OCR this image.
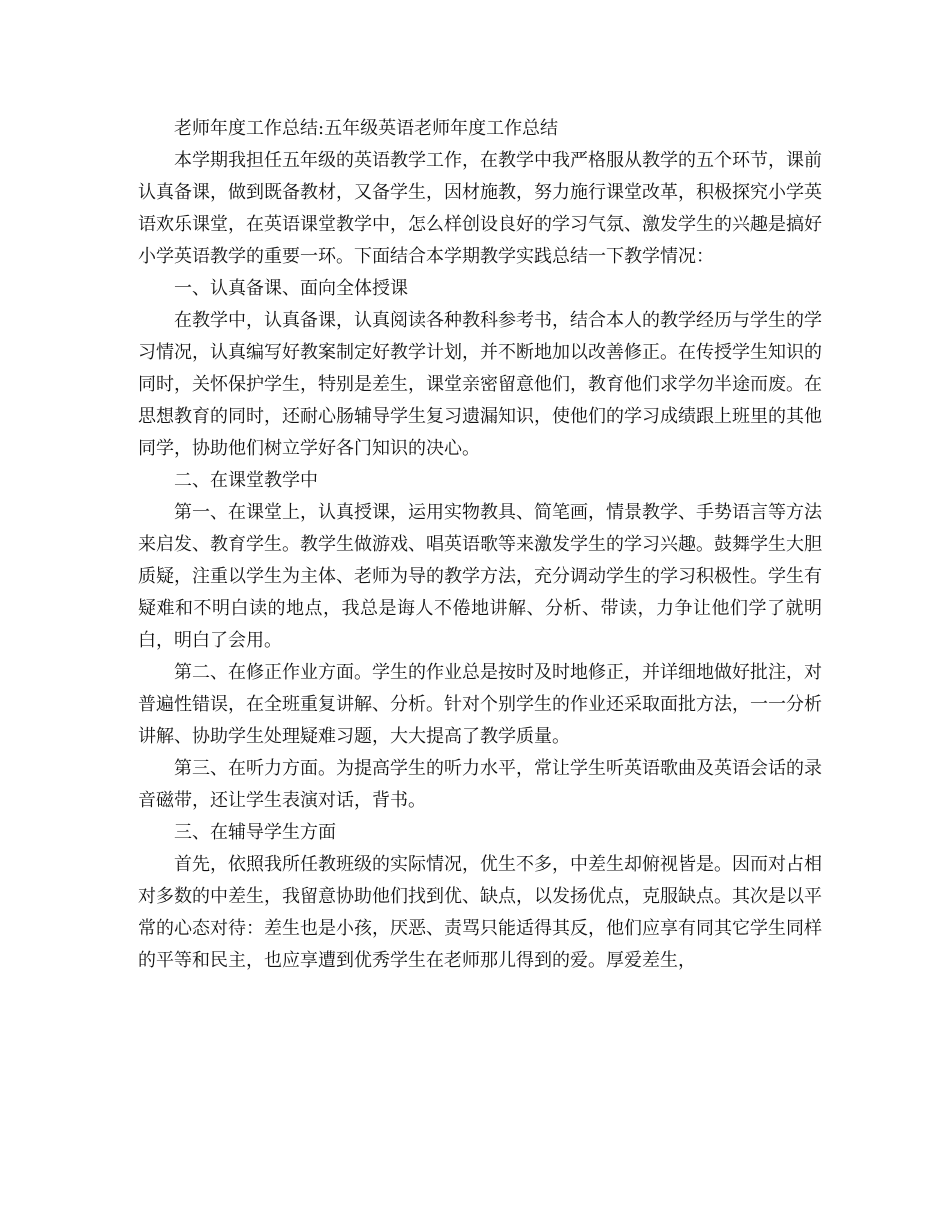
老师年度工作总结:五年级英语老师年度工作总结

本学期我担任五年级的英语教学工作，在教学中我严格服从教学的五个环节，课前认真备课，做到既备教材，又备学生，因材施教，努力施行课堂改革，积极探究小学英语欢乐课堂，在英语课堂教学中，怎么样创设良好的学习气氛、激发学生的兴趣是搞好小学英语教学的重要一环。下面结合本学期教学实践总结一下教学情况：

一、认真备课、面向全体授课

在教学中，认真备课，认真阅读各种教科参考书，结合本人的教学经历与学生的学习情况，认真编写好教案制定好教学计划，并不断地加以改善修正。在传授学生知识的同时，关怀保护学生，特别是差生，课堂亲密留意他们，教育他们求学勿半途而废。在思想教育的同时，还耐心肠辅导学生复习遗漏知识，使他们的学习成绩跟上班里的其他同学，协助他们树立学好各门知识的决心。

二、在课堂教学中

第一、在课堂上，认真授课，运用实物教具、简笔画，情景教学、手势语言等方法来启发、教育学生。教学生做游戏、唱英语歌等来激发学生的学习兴趣。鼓舞学生大胆质疑，注重以学生为主体、老师为导的教学方法，充分调动学生的学习积极性。学生有疑难和不明白读的地点，我总是诲人不倦地讲解、分析、带读，力争让他们学了就明白，明白了会用。

第二、在修正作业方面。学生的作业总是按时及时地修正，并详细地做好批注，对普遍性错误，在全班重复讲解、分析。针对个别学生的作业还采取面批方法，一一分析讲解、协助学生处理疑难习题，大大提高了教学质量。

第三、在听力方面。为提高学生的听力水平，常让学生听英语歌曲及英语会话的录音磁带，还让学生表演对话，背书。

三、在辅导学生方面

首先，依照我所任教班级的实际情况，优生不多，中差生却俯视皆是。因而对占相对多数的中差生，我留意协助他们找到优、缺点，以发扬优点，克服缺点。其次是以平常的心态对待：差生也是小孩，厌恶、责骂只能适得其反，他们应享有同其它学生同样的平等和民主，也应享遭到优秀学生在老师那儿得到的爱。厚爱差生，
